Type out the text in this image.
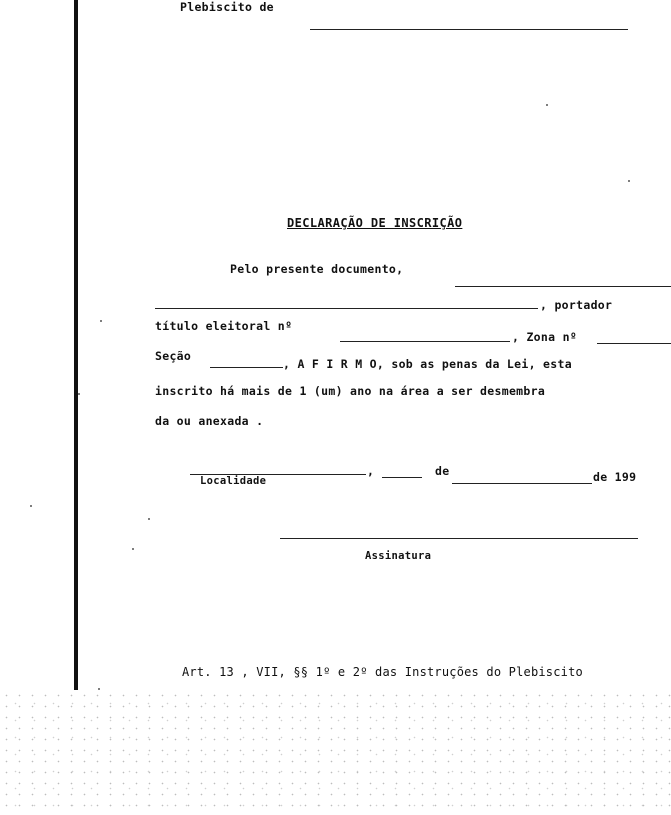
Plebiscito de
DECLARAÇÃO DE INSCRIÇÃO
Pelo presente documento,
, portador
título eleitoral nº
, Zona nº
Seção
, A F I R M O, sob as penas da Lei, esta
inscrito há mais de 1 (um) ano na área a ser desmembra
da ou anexada .
,	de	de 199
Localidade
Assinatura
Art. 13 , VII, §§ 1º e 2º das Instruções do Plebiscito
